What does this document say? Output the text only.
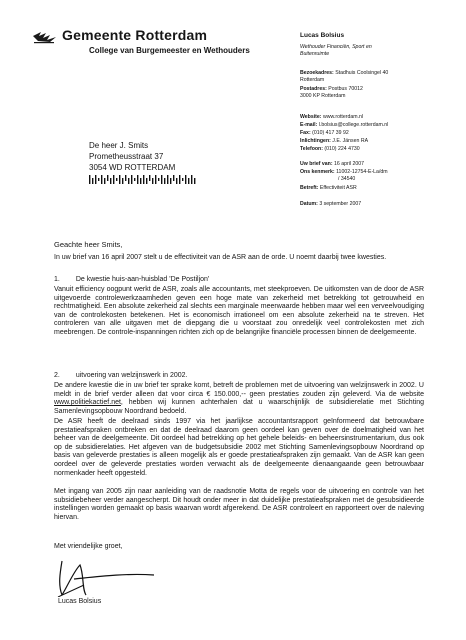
Gemeente Rotterdam
College van Burgemeester en Wethouders
Lucas Bolsius
Wethouder Financiën, Sport en
Buitenruimte
Bezoekadres: Stadhuis Coolsingel 40
Rotterdam
Postadres: Postbus 70012
3000 KP Rotterdam
Website: www.rotterdam.nl
E-mail: l.bolsius@college.rotterdam.nl
Fax: (010) 417 39 92
Inlichtingen: J.E. Jänsen RA
Telefoon: (010) 224 4730
Uw brief van: 16 april 2007
Ons kenmerk: 11002-12754-E-La/dm
/ 34540
Betreft: Effectiviteit ASR
Datum: 3 september 2007
De heer J. Smits
Prometheusstraat 37
3054 WD ROTTERDAM
Geachte heer Smits,

In uw brief van 16 april 2007 stelt u de effectiviteit van de ASR aan de orde. U noemt daarbij twee kwesties.

1. De kwestie huis-aan-huisblad 'De Postiljon'

Vanuit efficiency oogpunt werkt de ASR, zoals alle accountants, met steekproeven. De uitkomsten van de door de ASR uitgevoerde controlewerkzaamheden geven een hoge mate van zekerheid met betrekking tot getrouwheid en rechtmatigheid. Een absolute zekerheid zal slechts een marginale meerwaarde hebben maar wel een verveelvoudiging van de controlekosten betekenen. Het is economisch irrationeel om een absolute zekerheid na te streven. Het controleren van alle uitgaven met de diepgang die u voorstaat zou onredelijk veel controlekosten met zich meebrengen. De controle-inspanningen richten zich op de belangrijke financiële processen binnen de deelgemeente.

2. uitvoering van welzijnswerk in 2002.

De andere kwestie die in uw brief ter sprake komt, betreft de problemen met de uitvoering van welzijnswerk in 2002. U meldt in de brief verder alleen dat voor circa € 150.000,-- geen prestaties zouden zijn geleverd. Via de website www.politiekactief.net, hebben wij kunnen achterhalen dat u waarschijnlijk de subsidierelatie met Stichting Samenlevingsopbouw Noordrand bedoeld.

De ASR heeft de deelraad sinds 1997 via het jaarlijkse accountantsrapport geïnformeerd dat betrouwbare prestatieafspraken ontbreken en dat de deelraad daarom geen oordeel kan geven over de doelmatigheid van het beheer van de deelgemeente. Dit oordeel had betrekking op het gehele beleids- en beheersinstrumentarium, dus ook op de subsidierelaties. Het afgeven van de budgetsubsidie 2002 met Stichting Samenlevingsopbouw Noordrand op basis van geleverde prestaties is alleen mogelijk als er goede prestatieafspraken zijn gemaakt. Van de ASR kan geen oordeel over de geleverde prestaties worden verwacht als de deelgemeente dienaangaande geen betrouwbaar normenkader heeft opgesteld.

Met ingang van 2005 zijn naar aanleiding van de raadsnotie Motta de regels voor de uitvoering en controle van het subsidiebeheer verder aangescherpt. Dit houdt onder meer in dat duidelijke prestatieafspraken met de gesubsidieerde instellingen worden gemaakt op basis waarvan wordt afgerekend. De ASR controleert en rapporteert over de naleving hiervan.

Met vriendelijke groet,
Lucas Bolsius
